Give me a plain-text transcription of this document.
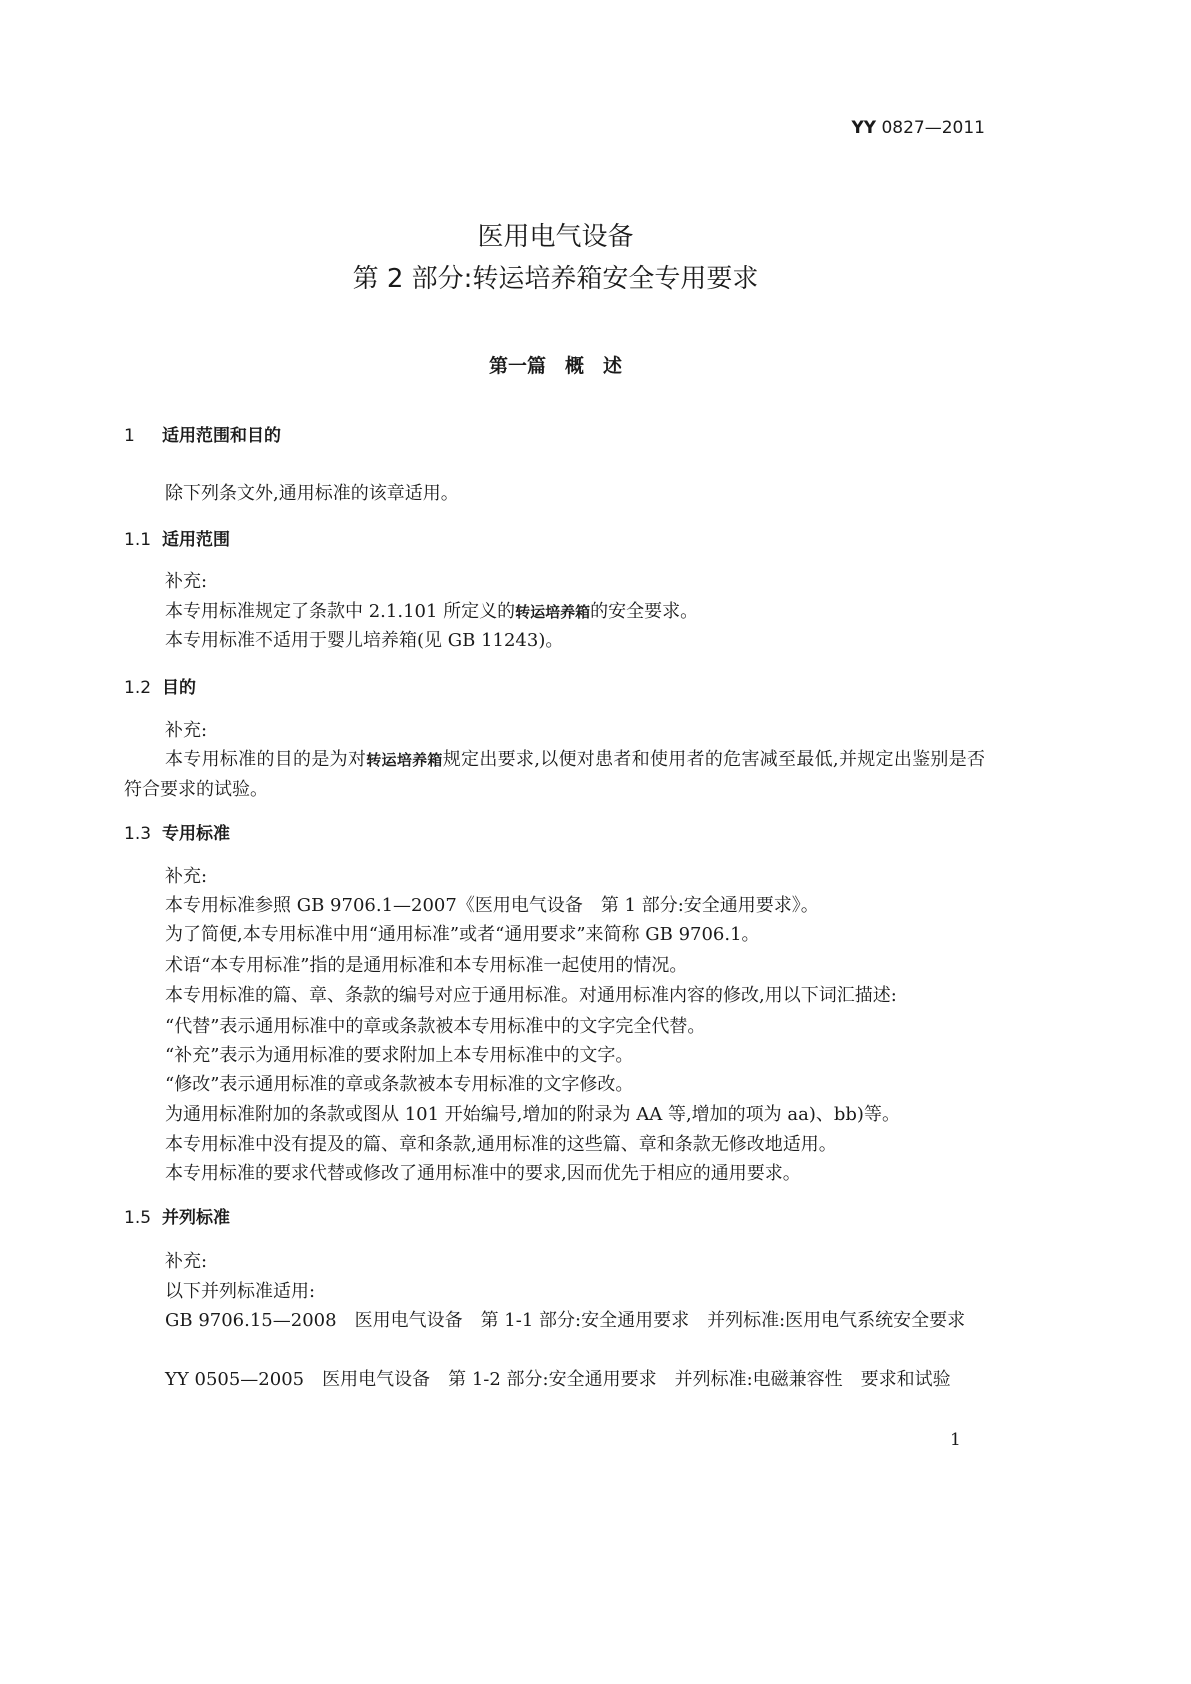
YY 0827—2011
医用电气设备
第 2 部分:转运培养箱安全专用要求
第一篇　概　述
1 适用范围和目的
除下列条文外,通用标准的该章适用。
1.1 适用范围
补充:
本专用标准规定了条款中 2.1.101 所定义的转运培养箱的安全要求。
本专用标准不适用于婴儿培养箱(见 GB 11243)。
1.2 目的
补充:
本专用标准的目的是为对转运培养箱规定出要求,以便对患者和使用者的危害减至最低,并规定出鉴别是否符合要求的试验。
1.3 专用标准
补充:
本专用标准参照 GB 9706.1—2007《医用电气设备　第 1 部分:安全通用要求》。
为了简便,本专用标准中用“通用标准”或者“通用要求”来简称 GB 9706.1。
术语“本专用标准”指的是通用标准和本专用标准一起使用的情况。
本专用标准的篇、章、条款的编号对应于通用标准。对通用标准内容的修改,用以下词汇描述:
“代替”表示通用标准中的章或条款被本专用标准中的文字完全代替。
“补充”表示为通用标准的要求附加上本专用标准中的文字。
“修改”表示通用标准的章或条款被本专用标准的文字修改。
为通用标准附加的条款或图从 101 开始编号,增加的附录为 AA 等,增加的项为 aa)、bb)等。
本专用标准中没有提及的篇、章和条款,通用标准的这些篇、章和条款无修改地适用。
本专用标准的要求代替或修改了通用标准中的要求,因而优先于相应的通用要求。
1.5 并列标准
补充:
以下并列标准适用:
GB 9706.15—2008　医用电气设备　第 1-1 部分:安全通用要求　并列标准:医用电气系统安全要求
YY 0505—2005　医用电气设备　第 1-2 部分:安全通用要求　并列标准:电磁兼容性　要求和试验
1
